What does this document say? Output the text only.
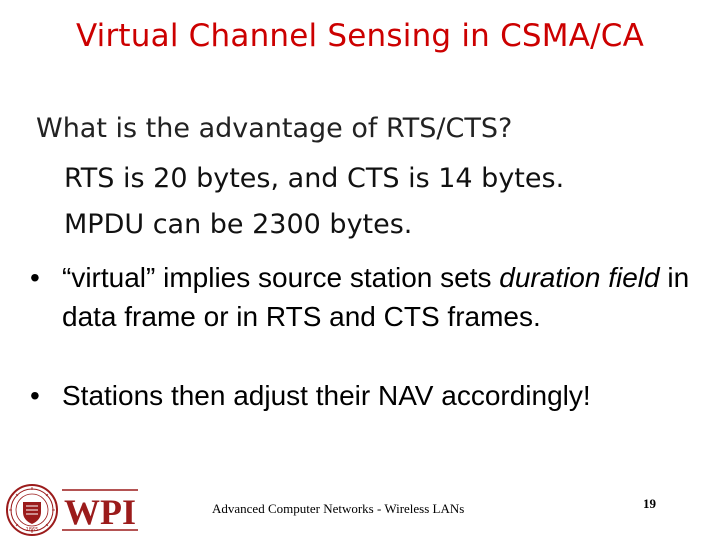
Virtual Channel Sensing in CSMA/CA
What is the advantage of RTS/CTS?
RTS is 20 bytes, and CTS is 14 bytes.
MPDU can be 2300 bytes.
• “virtual” implies source station sets duration field in data frame or in RTS and CTS frames.
• Stations then adjust their NAV accordingly!
1865 WPI	Advanced Computer Networks - Wireless LANs	19
